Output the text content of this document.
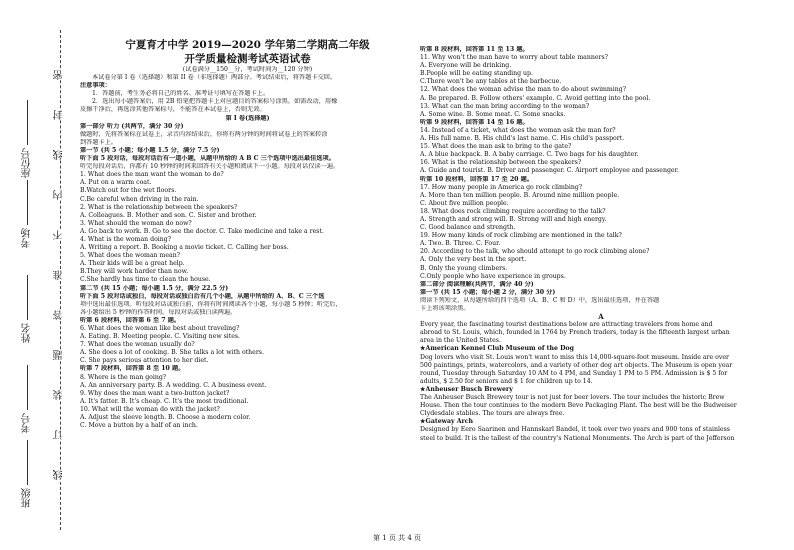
班级
考号
姓名
考场
座位号
密
封
线
内
不
准
答
题
装
订
线
宁夏育才中学 2019—2020 学年第二学期高二年级
开学质量检测考试英语试卷
(试卷满分__150__分，考试时间为__120 分钟)
本试卷分第 I 卷（选择题）和第 II 卷（非选择题）两部分。考试结束后，将答题卡交回。
注意事项：
1．答题前，考生务必将自己的姓名、准考证号填写在答题卡上。
2．选出每小题答案后，用 2B 铅笔把答题卡上对应题目的答案标号涂黑。如需改动，用橡
皮擦干净后，再选涂其他答案标号，不能答在本试卷上，否则无效。
第 I 卷(选择题)
第一部分 听力 (共两节，满分 30 分)
做题时，先将答案标在试卷上，录音内容结束后，你将有两分钟的时间将试卷上的答案转涂
到答题卡上。
第一节 (共 5 小题；每小题 1.5 分，满分 7.5 分)
听下面 5 段对话，每段对话后有一道小题，从题中所给的 A B C 三个选项中选出最佳选项。
听完每段对话后，你都有 10 秒钟的时间来回答有关小题和阅读下一小题。每段对话仅读一遍。
1. What does the man want the woman to do?
A. Put on a warm coat.
B.Watch out for the wet floors.
C.Be careful when driving in the rain.
2. What is the relationship between the speakers?
A. Colleagues. B. Mother and son. C. Sister and brother.
3. What should the woman do now?
A. Go back to work. B. Go to see the doctor. C. Take medicine and take a rest.
4. What is the woman doing?
A. Writing a report. B. Booking a movie ticket. C. Calling her boss.
5. What does the woman mean?
A. Their kids will be a great help.
B.They will work harder than now.
C.She hardly has time to clean the house.
第二节 (共 15 小题；每小题 1.5 分，满分 22.5 分)
听下面 5 段对话或独白，每段对话或独白后有几个小题，从题中所给的 A、B、C 三个选
项中选出最佳选项。听每段对话或独白前，你将有时间阅读各个小题，每小题 5 秒钟；听完后，
各小题给出 5 秒钟的作答时间。每段对话或独白读两遍。
听第 6 段材料，回答第 6 至 7 题。
6. What does the woman like best about traveling?
A. Eating. B. Meeting people. C. Visiting new sites.
7. What does the woman usually do?
A. She does a lot of cooking. B. She talks a lot with others.
C. She pays serious attention to her diet.
听第 7 段材料，回答第 8 至 10 题。
8. Where is the man going?
A. An anniversary party. B. A wedding. C. A business event.
9. Why does the man want a two-button jacket?
A. It's fatter. B. It's cheap. C. It's the most traditional.
10. What will the woman do with the jacket?
A. Adjust the sleeve length. B. Choose a modern color.
C. Move a button by a half of an inch.
听第 8 段材料，回答第 11 至 13 题。
11. Why won't the man have to worry about table manners?
A. Everyone will be drinking.
B.People will be eating standing up.
C.There won't be any tables at the barbecue.
12. What does the woman advise the man to do about swimming?
A. Be prepared. B. Follow others' example. C. Avoid getting into the pool.
13. What can the man bring according to the woman?
A. Some wine. B. Some meat. C. Some snacks.
听第 9 段材料，回答第 14 至 16 题。
14. Instead of a ticket, what does the woman ask the man for?
A. His full name. B. His child's last name. C. His child's passport.
15. What does the man ask to bring to the gate?
A. A blue backpack. B. A baby carriage. C. Two bags for his daughter.
16. What is the relationship between the speakers?
A. Guide and tourist. B. Driver and passenger. C. Airport employee and passenger.
听第 10 段材料，回答第 17 至 20 题。
17. How many people in America go rock climbing?
A. More than ten million people. B. Around nine million people.
C. About five million people.
18. What does rock climbing require according to the talk?
A. Strength and strong will. B. Strong will and high energy.
C. Good balance and strength.
19. How many kinds of rock climbing are mentioned in the talk?
A. Two. B. Three. C. Four.
20. According to the talk, who should attempt to go rock climbing alone?
A. Only the very best in the sport.
B. Only the young climbers.
C.Only people who have experience in groups.
第二部分 阅读理解(共两节，满分 40 分)
第一节 (共 15 小题；每小题 2 分，满分 30 分)
阅读下列短文，从每题所给的四个选项（A、B、C 和 D）中，选出最佳选项，并在答题
卡上将该项涂黑。
A
Every year, the fascinating tourist destinations below are attracting travelers from home and
abroad to St. Louis, which, founded in 1764 by French traders, today is the fifteenth largest urban
area in the United States.
★American Kennel Club Museum of the Dog
Dog lovers who visit St. Louis won't want to miss this 14,000-square-foot museum. Inside are over
500 paintings, prints, watercolors, and a variety of other dog art objects. The Museum is open year
round, Tuesday through Saturday 10 AM to 4 PM, and Sunday 1 PM to 5 PM. Admission is $ 5 for
adults, $ 2.50 for seniors and $ 1 for children up to 14.
★Anheuser Busch Brewery
The Anheuser Busch Brewery tour is not just for beer lovers. The tour includes the historic Brew
House. Then the tour continues to the modern Bevo Packaging Plant. The best will be the Budweiser
Clydesdale stables. The tours are always free.
★Gateway Arch
Designed by Eero Saarinen and Hannskarl Bandel, it took over two years and 900 tons of stainless
steel to build. It is the tallest of the country's National Monuments. The Arch is part of the Jefferson
第 1 页 共 4 页
